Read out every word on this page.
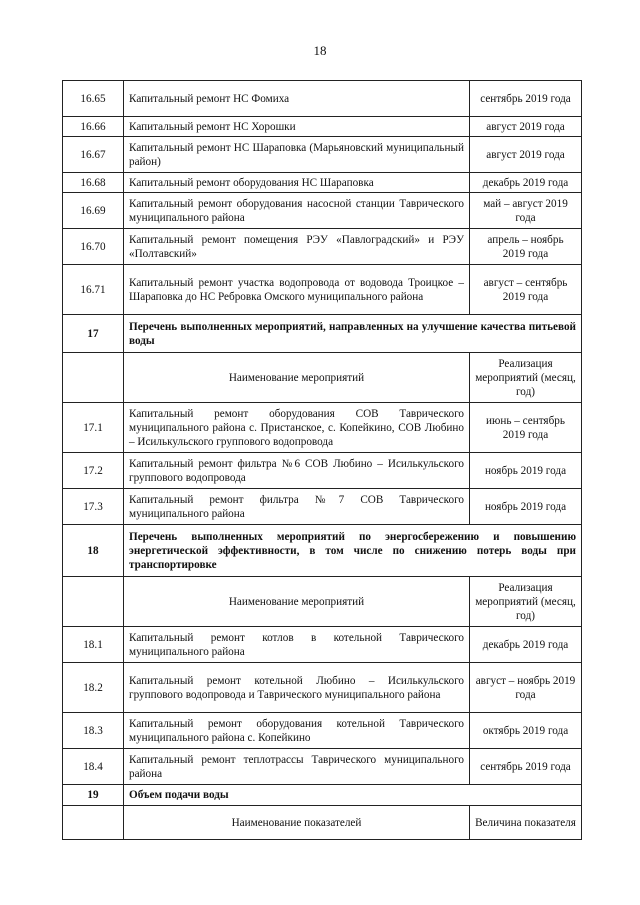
18
16.65	Капитальный ремонт НС Фомиха	сентябрь 2019 года
16.66	Капитальный ремонт НС Хорошки	август 2019 года
16.67	Капитальный ремонт НС Шараповка (Марьяновский муниципальный район)	август 2019 года
16.68	Капитальный ремонт оборудования НС Шараповка	декабрь 2019 года
16.69	Капитальный ремонт оборудования насосной станции Таврического муниципального района	май – август 2019 года
16.70	Капитальный ремонт помещения РЭУ «Павлоградский» и РЭУ «Полтавский»	апрель – ноябрь 2019 года
16.71	Капитальный ремонт участка водопровода от водовода Троицкое – Шараповка до НС Ребровка Омского муниципального района	август – сентябрь 2019 года
17	Перечень выполненных мероприятий, направленных на улучшение качества питьевой воды	
	Наименование мероприятий	Реализация мероприятий (месяц, год)
17.1	Капитальный ремонт оборудования СОВ Таврического муниципального района с. Пристанское, с. Копейкино, СОВ Любино – Исилькульского группового водопровода	июнь – сентябрь 2019 года
17.2	Капитальный ремонт фильтра №6 СОВ Любино – Исилькульского группового водопровода	ноябрь 2019 года
17.3	Капитальный ремонт фильтра №7 СОВ Таврического муниципального района	ноябрь 2019 года
18	Перечень выполненных мероприятий по энергосбережению и повышению энергетической эффективности, в том числе по снижению потерь воды при транспортировке	
	Наименование мероприятий	Реализация мероприятий (месяц, год)
18.1	Капитальный ремонт котлов в котельной Таврического муниципального района	декабрь 2019 года
18.2	Капитальный ремонт котельной Любино – Исилькульского группового водопровода и Таврического муниципального района	август – ноябрь 2019 года
18.3	Капитальный ремонт оборудования котельной Таврического муниципального района с. Копейкино	октябрь 2019 года
18.4	Капитальный ремонт теплотрассы Таврического муниципального района	сентябрь 2019 года
19	Объем подачи воды	
	Наименование показателей	Величина показателя
